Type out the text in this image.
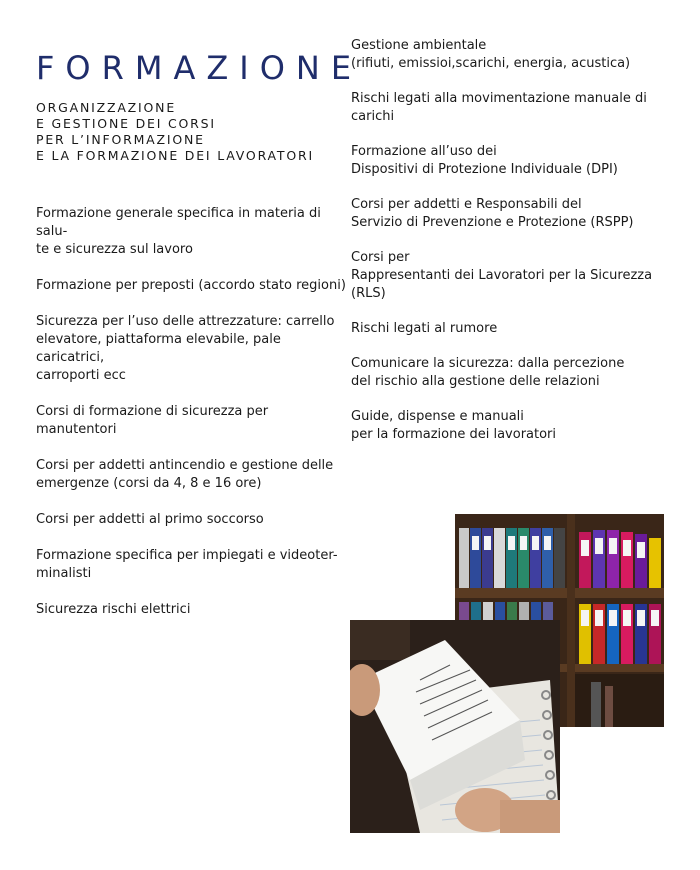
FORMAZIONE
ORGANIZZAZIONE
E GESTIONE DEI CORSI
PER L’INFORMAZIONE
E LA FORMAZIONE DEI LAVORATORI
Formazione generale specifica in materia di salu-
te e sicurezza sul lavoro
Formazione per preposti (accordo stato regioni)
Sicurezza per l’uso delle attrezzature: carrello
elevatore, piattaforma elevabile, pale caricatrici,
carroporti ecc
Corsi di formazione di sicurezza per manutentori
Corsi per addetti antincendio e gestione delle
emergenze (corsi da 4, 8 e 16 ore)
Corsi per addetti al primo soccorso
Formazione specifica per impiegati e videoter-
minalisti
Sicurezza rischi elettrici
Gestione ambientale
(rifiuti, emissioi,scarichi, energia, acustica)
Rischi legati alla movimentazione manuale di
carichi
Formazione all’uso dei
Dispositivi di Protezione Individuale (DPI)
Corsi per addetti e Responsabili del
Servizio di Prevenzione e Protezione (RSPP)
Corsi per
Rappresentanti dei Lavoratori per la Sicurezza
(RLS)
Rischi legati al rumore
Comunicare la sicurezza: dalla percezione
del rischio alla gestione delle relazioni
Guide, dispense e manuali
per la formazione dei lavoratori
